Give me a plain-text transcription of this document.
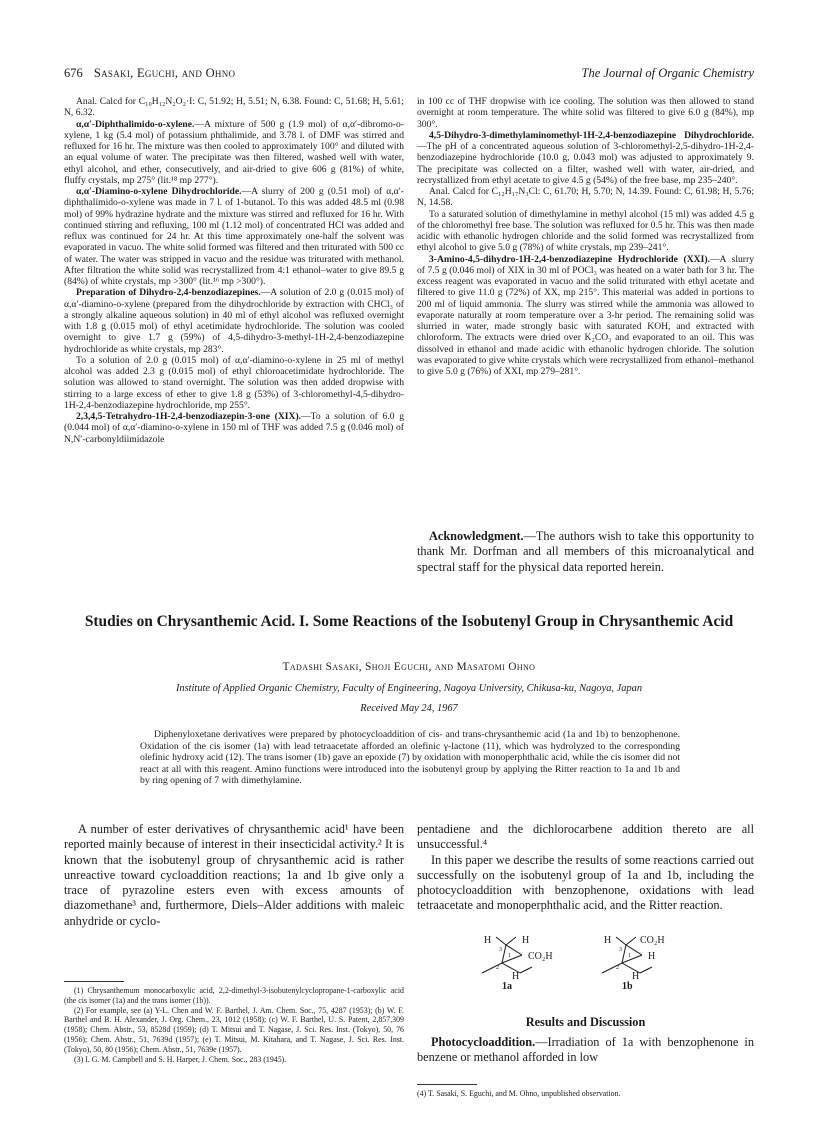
676 Sasaki, Eguchi, and Ohno	The Journal of Organic Chemistry

Anal. Calcd for C₁₀H₁₂N₂O₂·I: C, 51.92; H, 5.51; N, 6.38. Found: C, 51.68; H, 5.61; N, 6.32.

α,α′-Diphthalimido-o-xylene.—A mixture of 500 g (1.9 mol) of α,α′-dibromo-o-xylene, 1 kg (5.4 mol) of potassium phthalimide, and 3.78 l. of DMF was stirred and refluxed for 16 hr. The mixture was then cooled to approximately 100° and diluted with an equal volume of water. The precipitate was then filtered, washed well with water, ethyl alcohol, and ether, consecutively, and air-dried to give 606 g (81%) of white, fluffy crystals, mp 275° (lit.¹⁸ mp 277°).

α,α′-Diamino-o-xylene Dihydrochloride.—A slurry of 200 g (0.51 mol) of α,α′-diphthalimido-o-xylene was made in 7 l. of 1-butanol. To this was added 48.5 ml (0.98 mol) of 99% hydrazine hydrate and the mixture was stirred and refluxed for 16 hr. With continued stirring and refluxing, 100 ml (1.12 mol) of concentrated HCl was added and reflux was continued for 24 hr. At this time approximately one-half the solvent was evaporated in vacuo. The white solid formed was filtered and then triturated with 500 cc of water. The water was stripped in vacuo and the residue was triturated with methanol. After filtration the white solid was recrystallized from 4:1 ethanol–water to give 89.5 g (84%) of white crystals, mp >300° (lit.¹⁶ mp >300°).

Preparation of Dihydro-2,4-benzodiazepines.—A solution of 2.0 g (0.015 mol) of α,α′-diamino-o-xylene (prepared from the dihydrochloride by extraction with CHCl₃ of a strongly alkaline aqueous solution) in 40 ml of ethyl alcohol was refluxed overnight with 1.8 g (0.015 mol) of ethyl acetimidate hydrochloride. The solution was cooled overnight to give 1.7 g (59%) of 4,5-dihydro-3-methyl-1H-2,4-benzodiazepine hydrochloride as white crystals, mp 283°.

To a solution of 2.0 g (0.015 mol) of α,α′-diamino-o-xylene in 25 ml of methyl alcohol was added 2.3 g (0.015 mol) of ethyl chloroacetimidate hydrochloride. The solution was allowed to stand overnight. The solution was then added dropwise with stirring to a large excess of ether to give 1.8 g (53%) of 3-chloromethyl-4,5-dihydro-1H-2,4-benzodiazepine hydrochloride, mp 255°.

2,3,4,5-Tetrahydro-1H-2,4-benzodiazepin-3-one (XIX).—To a solution of 6.0 g (0.044 mol) of α,α′-diamino-o-xylene in 150 ml of THF was added 7.5 g (0.046 mol) of N,N′-carbonyldiimidazole

in 100 cc of THF dropwise with ice cooling. The solution was then allowed to stand overnight at room temperature. The white solid was filtered to give 6.0 g (84%), mp 300°.

4,5-Dihydro-3-dimethylaminomethyl-1H-2,4-benzodiazepine Dihydrochloride.—The pH of a concentrated aqueous solution of 3-chloromethyl-2,5-dihydro-1H-2,4-benzodiazepine hydrochloride (10.0 g, 0.043 mol) was adjusted to approximately 9. The precipitate was collected on a filter, washed well with water, air-dried, and recrystallized from ethyl acetate to give 4.5 g (54%) of the free base, mp 235–240°.

Anal. Calcd for C₁₂H₁₇N₃Cl: C, 61.70; H, 5.70; N, 14.39. Found: C, 61.98; H, 5.76; N, 14.58.

To a saturated solution of dimethylamine in methyl alcohol (15 ml) was added 4.5 g of the chloromethyl free base. The solution was refluxed for 0.5 hr. This was then made acidic with ethanolic hydrogen chloride and the solid formed was recrystallized from ethyl alcohol to give 5.0 g (78%) of white crystals, mp 239–241°.

3-Amino-4,5-dihydro-1H-2,4-benzodiazepine Hydrochloride (XXI).—A slurry of 7.5 g (0.046 mol) of XIX in 30 ml of POCl₃ was heated on a water bath for 3 hr. The excess reagent was evaporated in vacuo and the solid triturated with ethyl acetate and filtered to give 11.0 g (72%) of XX, mp 215°. This material was added in portions to 200 ml of liquid ammonia. The slurry was stirred while the ammonia was allowed to evaporate naturally at room temperature over a 3-hr period. The remaining solid was slurried in water, made strongly basic with saturated KOH, and extracted with chloroform. The extracts were dried over K₂CO₃ and evaporated to an oil. This was dissolved in ethanol and made acidic with ethanolic hydrogen chloride. The solution was evaporated to give white crystals which were recrystallized from ethanol–methanol to give 5.0 g (76%) of XXI, mp 279–281°.

Acknowledgment.—The authors wish to take this opportunity to thank Mr. Dorfman and all members of this microanalytical and spectral staff for the physical data reported herein.

Studies on Chrysanthemic Acid. I. Some Reactions of the Isobutenyl Group in Chrysanthemic Acid
Tadashi Sasaki, Shoji Eguchi, and Masatomi Ohno
Institute of Applied Organic Chemistry, Faculty of Engineering, Nagoya University, Chikusa-ku, Nagoya, Japan
Received May 24, 1967

Diphenyloxetane derivatives were prepared by photocycloaddition of cis- and trans-chrysanthemic acid (1a and 1b) to benzophenone. Oxidation of the cis isomer (1a) with lead tetraacetate afforded an olefinic γ-lactone (11), which was hydrolyzed to the corresponding olefinic hydroxy acid (12). The trans isomer (1b) gave an epoxide (7) by oxidation with monoperphthalic acid, while the cis isomer did not react at all with this reagent. Amino functions were introduced into the isobutenyl group by applying the Ritter reaction to 1a and 1b and by ring opening of 7 with dimethylamine.

A number of ester derivatives of chrysanthemic acid¹ have been reported mainly because of interest in their insecticidal activity.² It is known that the isobutenyl group of chrysanthemic acid is rather unreactive toward cycloaddition reactions; 1a and 1b give only a trace of pyrazoline esters even with excess amounts of diazomethane³ and, furthermore, Diels–Alder additions with maleic anhydride or cyclo-

(1) Chrysanthemum monocarboxylic acid, 2,2-dimethyl-3-isobutenylcyclopropane-1-carboxylic acid (the cis isomer (1a) and the trans isomer (1b)).

(2) For example, see (a) Y-L. Chen and W. F. Barthel, J. Am. Chem. Soc., 75, 4287 (1953); (b) W. F. Barthel and B. H. Alexander, J. Org. Chem., 23, 1012 (1958); (c) W. F. Barthel, U. S. Patent, 2,857,309 (1958); Chem. Abstr., 53, 8528d (1959); (d) T. Mitsui and T. Nagase, J. Sci. Res. Inst. (Tokyo), 50, 76 (1956); Chem. Abstr., 51, 7639d (1957); (e) T. Mitsui, M. Kitahara, and T. Nagase, J. Sci. Res. Inst. (Tokyo), 50, 80 (1956); Chem. Abstr., 51, 7639e (1957).

(3) I. G. M. Campbell and S. H. Harper, J. Chem. Soc., 283 (1945).

pentadiene and the dichlorocarbene addition thereto are all unsuccessful.⁴

In this paper we describe the results of some reactions carried out successfully on the isobutenyl group of 1a and 1b, including the photocycloaddition with benzophenone, oxidations with lead tetraacetate and monoperphthalic acid, and the Ritter reaction.

H	H
CO₂H
H
1
2
3
H	CO₂H
H
H
1
2
3
1a	1b
Results and Discussion

Photocycloaddition.—Irradiation of 1a with benzophenone in benzene or methanol afforded in low

(4) T. Sasaki, S. Eguchi, and M. Ohno, unpublished observation.
